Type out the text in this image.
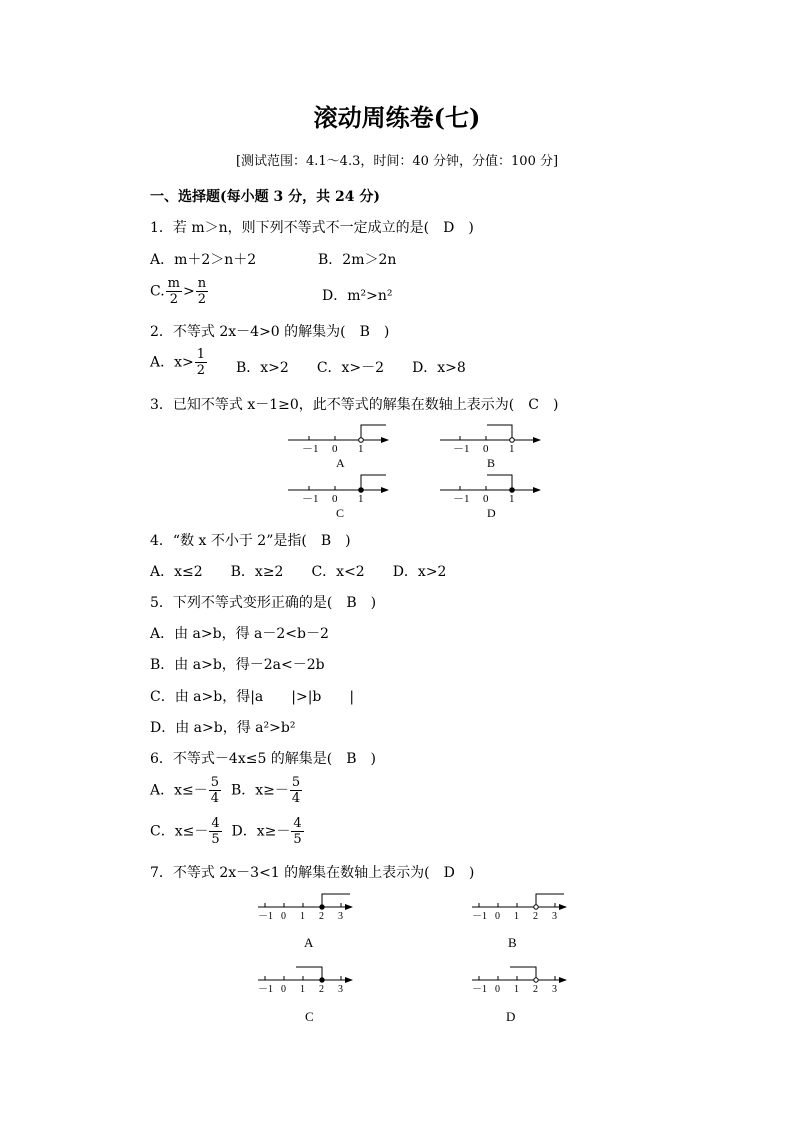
滚动周练卷(七)
[测试范围：4.1～4.3，时间：40 分钟，分值：100 分]
一、选择题(每小题 3 分，共 24 分)
1．若 m＞n，则下列不等式不一定成立的是(　D　)
A．m＋2＞n＋2	B．2m＞2n
C. $\frac{m}{2} > \frac{n}{2}$	D．m²>n²
2．不等式 2x－4>0 的解集为(　B　)
A．$x> \frac{1}{2}$ B．x>2　　C．x>－2　　D．x>8
3．已知不等式 x－1≥0，此不等式的解集在数轴上表示为(　C　)
－1 0 1
A
－1 0 1
B
－1 0 1
C
－1 0 1
D
－1 0 1 2 3
A
－1 0 1 2 3
B
－1 0 1 2 3
C
－1 0 1 2 3
D
4．“数 x 不小于 2”是指(　B　)
A．x≤2　　B．x≥2　　C．x<2　　D．x>2
5．下列不等式变形正确的是(　B　)
A．由 a>b，得 a－2<b－2
B．由 a>b，得－2a<－2b
C．由 a>b，得|a　　|>|b　　|
D．由 a>b，得 a²>b²
6．不等式－4x≤5 的解集是(　B　)
A．$x\le- \frac{5}{4}$ B．$x\ge- \frac{5}{4}$
C．$x\le- \frac{4}{5}$ D．$x\ge- \frac{4}{5}$
7．不等式 2x－3<1 的解集在数轴上表示为(　D　)
